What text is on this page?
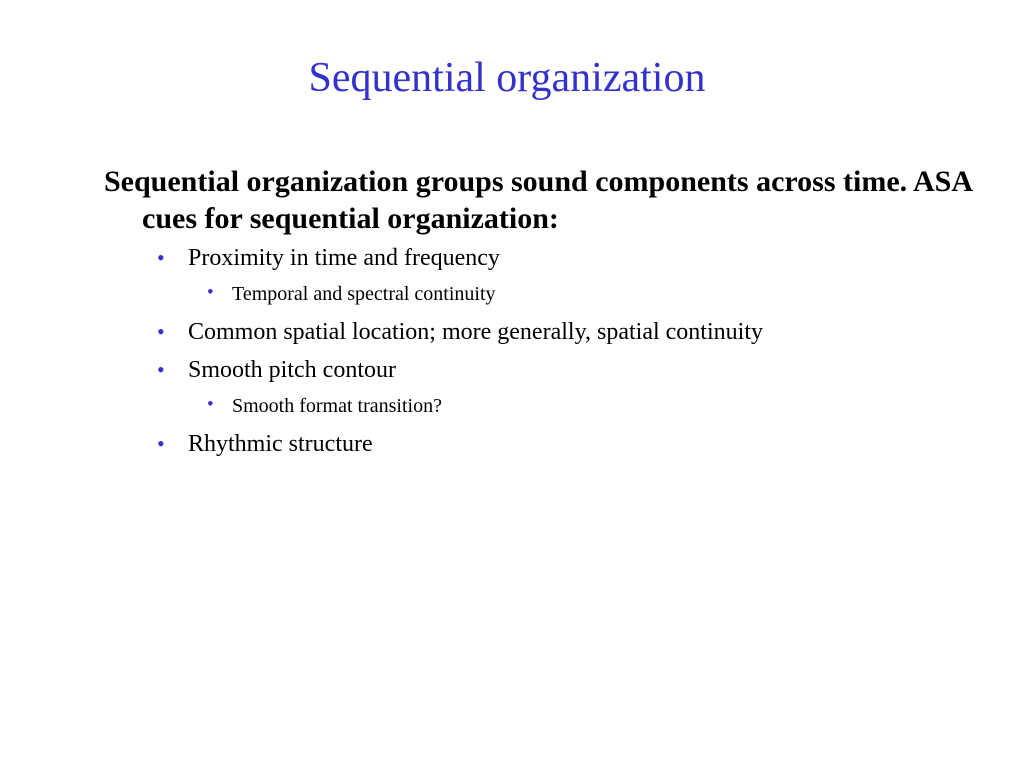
Sequential organization

Sequential organization groups sound components across time. ASA cues for sequential organization:

• Proximity in time and frequency
• Temporal and spectral continuity
• Common spatial location; more generally, spatial continuity
• Smooth pitch contour
• Smooth format transition?
• Rhythmic structure
